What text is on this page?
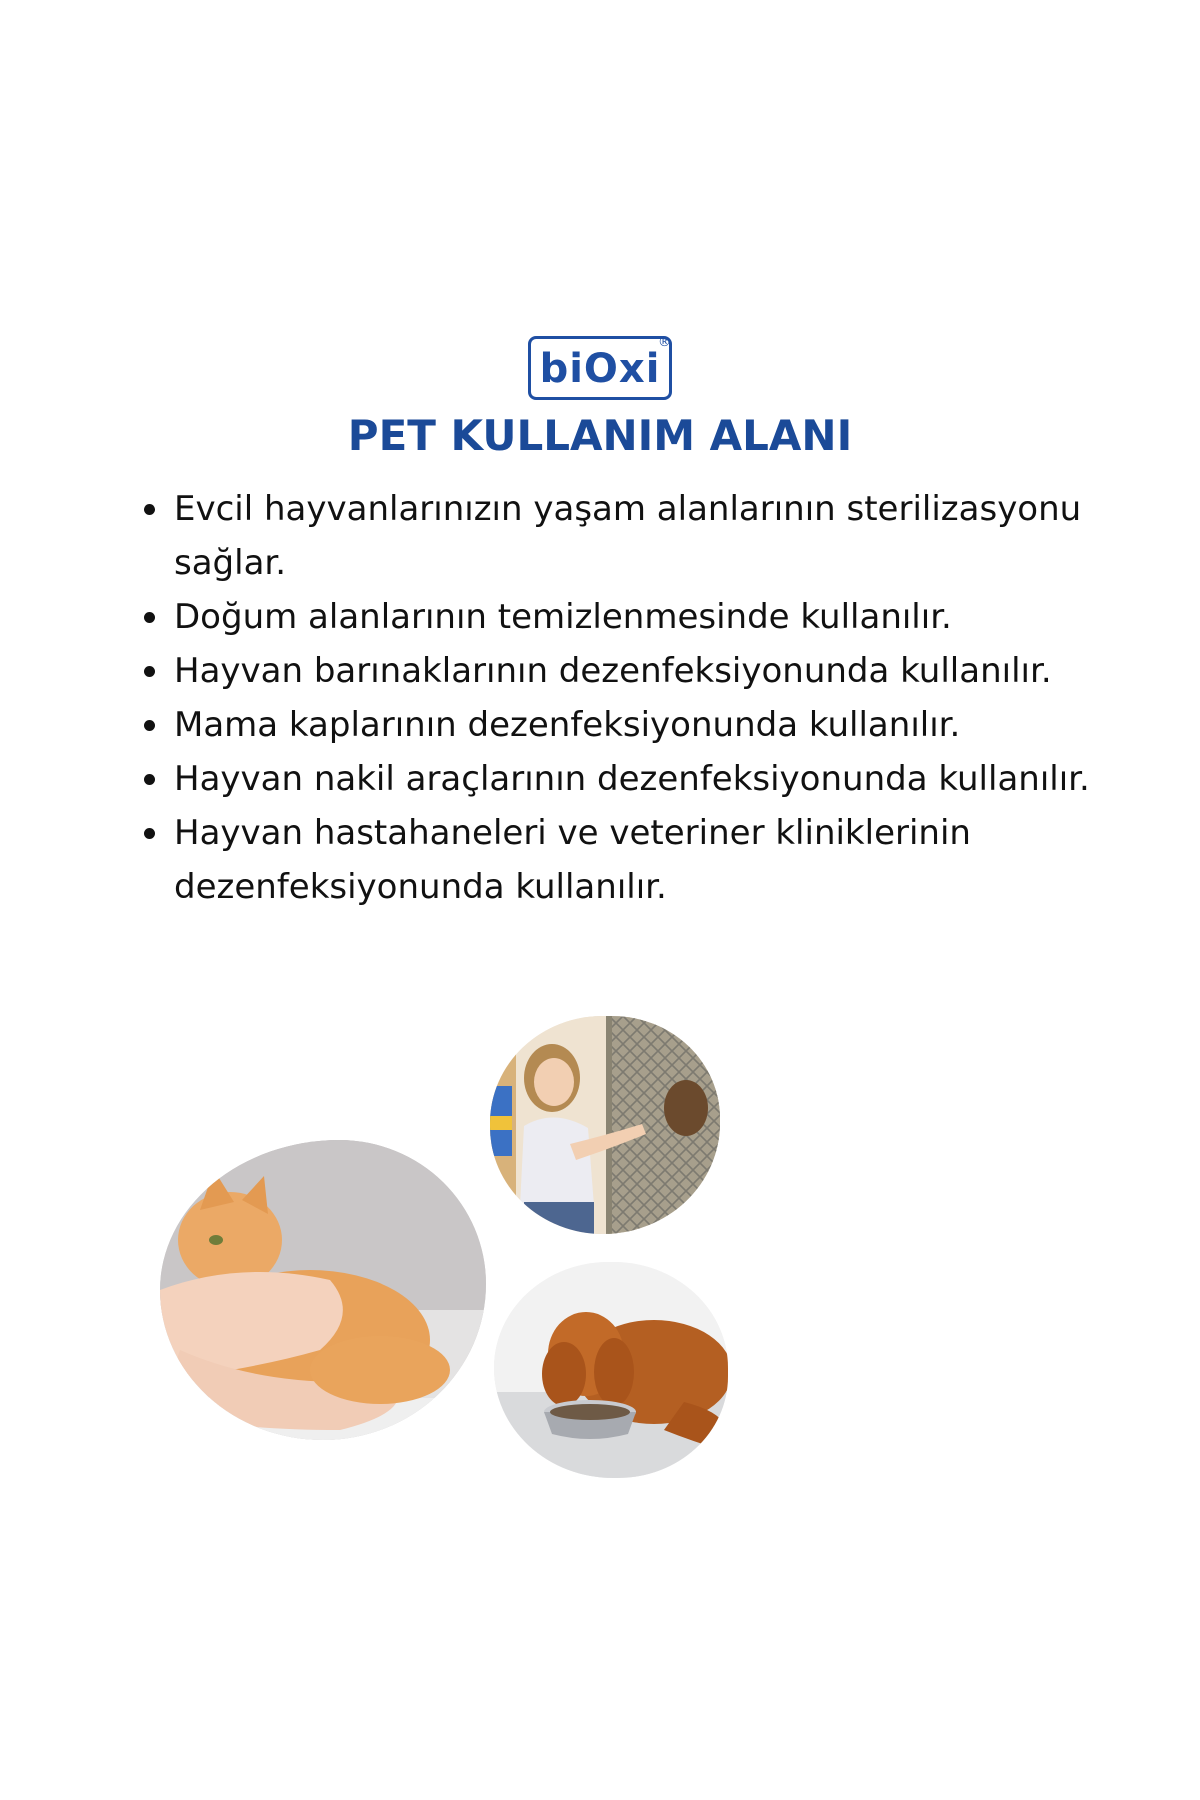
biOxi
®
PET KULLANIM ALANI
Evcil hayvanlarınızın yaşam alanlarının sterilizasyonu sağlar.
Doğum alanlarının temizlenmesinde kullanılır.
Hayvan barınaklarının dezenfeksiyonunda kullanılır.
Mama kaplarının dezenfeksiyonunda kullanılır.
Hayvan nakil araçlarının dezenfeksiyonunda kullanılır.
Hayvan hastahaneleri ve veteriner kliniklerinin dezenfeksiyonunda kullanılır.
